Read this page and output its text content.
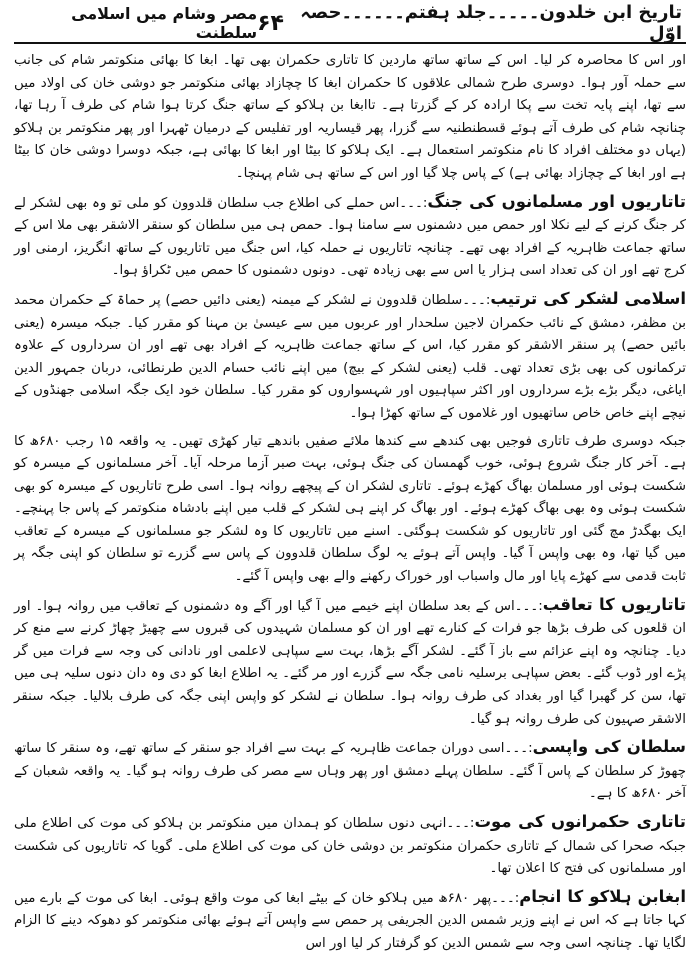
تاریخ ابن خلدون۔۔۔۔۔جلد ہفتم۔۔۔۔۔۔حصہ اوّل
۶۴
مصر وشام میں اسلامی سلطنت

اور اس کا محاصرہ کر لیا۔ اس کے ساتھ ساتھ ماردین کا تاتاری حکمران بھی تھا۔ ابغا کا بھائی منکوتمر شام کی جانب سے حملہ آور ہوا۔ دوسری طرح شمالی علاقوں کا حکمران ابغا کا چچازاد بھائی منکوتمر جو دوشی خان کی اولاد میں سے تھا، اپنے پایہ تخت سے پکا ارادہ کر کے گزرتا ہے۔ تاابغا بن ہلاکو کے ساتھ جنگ کرتا ہوا شام کی طرف آ رہا تھا، چنانچہ شام کی طرف آتے ہوئے قسطنطنیہ سے گزرا، پھر قیساریہ اور تفلیس کے درمیان ٹھہرا اور پھر منکوتمر بن ہلاکو (یہاں دو مختلف افراد کا نام منکوتمر استعمال ہے۔ ایک ہلاکو کا بیٹا اور ابغا کا بھائی ہے، جبکہ دوسرا دوشی خان کا بیٹا ہے اور ابغا کے چچازاد بھائی ہے) کے پاس چلا گیا اور اس کے ساتھ ہی شام پہنچا۔

تاتاریوں اور مسلمانوں کی جنگ:۔۔۔اس حملے کی اطلاع جب سلطان قلدوون کو ملی تو وہ بھی لشکر لے کر جنگ کرنے کے لیے نکلا اور حمص میں دشمنوں سے سامنا ہوا۔ حمص ہی میں سلطان کو سنقر الاشقر بھی ملا اس کے ساتھ جماعت ظاہریہ کے افراد بھی تھے۔ چنانچہ تاتاریوں نے حملہ کیا، اس جنگ میں تاتاریوں کے ساتھ انگریز، ارمنی اور کرج تھے اور ان کی تعداد اسی ہزار یا اس سے بھی زیادہ تھی۔ دونوں دشمنوں کا حمص میں ٹکراؤ ہوا۔

اسلامی لشکر کی ترتیب:۔۔۔سلطان قلدوون نے لشکر کے میمنہ (یعنی دائیں حصے) پر حماۃ کے حکمران محمد بن مظفر، دمشق کے نائب حکمران لاجین سلحدار اور عربوں میں سے عیسیٰ بن مہنا کو مقرر کیا۔ جبکہ میسرہ (یعنی بائیں حصے) پر سنقر الاشقر کو مقرر کیا، اس کے ساتھ جماعت ظاہریہ کے افراد بھی تھے اور ان سرداروں کے علاوہ ترکمانوں کی بھی بڑی تعداد تھی۔ قلب (یعنی لشکر کے بیچ) میں اپنے نائب حسام الدین طرنطائی، دربان جمہور الدین ایاغی، دیگر بڑے بڑے سرداروں اور اکثر سپاہیوں اور شہسواروں کو مقرر کیا۔ سلطان خود ایک جگہ اسلامی جھنڈوں کے نیچے اپنے خاص خاص ساتھیوں اور غلاموں کے ساتھ کھڑا ہوا۔

جبکہ دوسری طرف تاتاری فوجیں بھی کندھے سے کندھا ملائے صفیں باندھے تیار کھڑی تھیں۔ یہ واقعہ ۱۵ رجب ۶۸۰ھ کا ہے۔ آخر کار جنگ شروع ہوئی، خوب گھمسان کی جنگ ہوئی، بہت صبر آزما مرحلہ آیا۔ آخر مسلمانوں کے میسرہ کو شکست ہوئی اور مسلمان بھاگ کھڑے ہوئے۔ تاتاری لشکر ان کے پیچھے روانہ ہوا۔ اسی طرح تاتاریوں کے میسرہ کو بھی شکست ہوئی وہ بھی بھاگ کھڑے ہوئے۔ اور بھاگ کر اپنے ہی لشکر کے قلب میں اپنے بادشاہ منکوتمر کے پاس جا پہنچے۔ ایک بھگدڑ مچ گئی اور تاتاریوں کو شکست ہوگئی۔ اسنے میں تاتاریوں کا وہ لشکر جو مسلمانوں کے میسرہ کے تعاقب میں گیا تھا، وہ بھی واپس آ گیا۔ واپس آتے ہوئے یہ لوگ سلطان قلدوون کے پاس سے گزرے تو سلطان کو اپنی جگہ پر ثابت قدمی سے کھڑے پایا اور مال واسباب اور خوراک رکھنے والے بھی واپس آ گئے۔

تاتاریوں کا تعاقب:۔۔۔اس کے بعد سلطان اپنے خیمے میں آ گیا اور آگے وہ دشمنوں کے تعاقب میں روانہ ہوا۔ اور ان قلعوں کی طرف بڑھا جو فرات کے کنارے تھے اور ان کو مسلمان شہیدوں کی قبروں سے چھیڑ چھاڑ کرنے سے منع کر دیا۔ چنانچہ وہ اپنے عزائم سے باز آ گئے۔ لشکر آگے بڑھا، بہت سے سپاہی لاعلمی اور نادانی کی وجہ سے فرات میں گر پڑے اور ڈوب گئے۔ بعض سپاہی برسلیہ نامی جگہ سے گزرے اور مر گئے۔ یہ اطلاع ابغا کو دی وہ دان دنوں سلیہ ہی میں تھا، سن کر گھبرا گیا اور بغداد کی طرف روانہ ہوا۔ سلطان نے لشکر کو واپس اپنی جگہ کی طرف بلالیا۔ جبکہ سنقر الاشقر صہیون کی طرف روانہ ہو گیا۔

سلطان کی واپسی:۔۔۔اسی دوران جماعت ظاہریہ کے بہت سے افراد جو سنقر کے ساتھ تھے، وہ سنقر کا ساتھ چھوڑ کر سلطان کے پاس آ گئے۔ سلطان پہلے دمشق اور پھر وہاں سے مصر کی طرف روانہ ہو گیا۔ یہ واقعہ شعبان کے آخر ۶۸۰ھ کا ہے۔

تاتاری حکمرانوں کی موت:۔۔۔انہی دنوں سلطان کو ہمدان میں منکوتمر بن ہلاکو کی موت کی اطلاع ملی جبکہ صحرا کی شمال کے تاتاری حکمران منکوتمر بن دوشی خان کی موت کی اطلاع ملی۔ گویا کہ تاتاریوں کی شکست اور مسلمانوں کی فتح کا اعلان تھا۔

ابغابن ہلاکو کا انجام:۔۔۔پھر ۶۸۰ھ میں ہلاکو خان کے بیٹے ابغا کی موت واقع ہوئی۔ ابغا کی موت کے بارے میں کہا جاتا ہے کہ اس نے اپنے وزیر شمس الدین الجریفی پر حمص سے واپس آتے ہوئے بھائی منکوتمر کو دھوکہ دینے کا الزام لگایا تھا۔ چنانچہ اسی وجہ سے شمس الدین کو گرفتار کر لیا اور اس
